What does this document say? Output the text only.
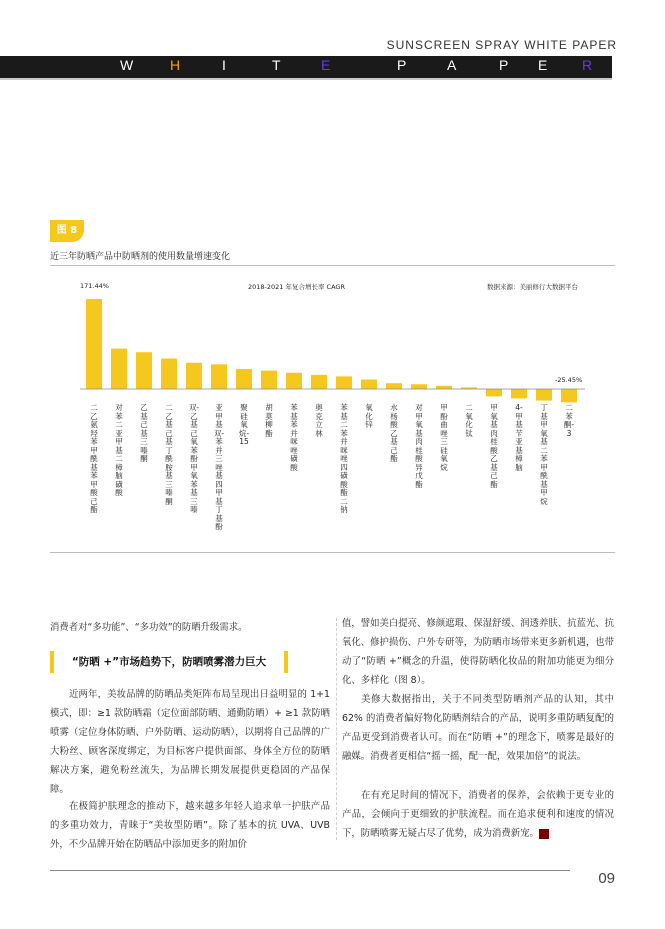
SUNSCREEN SPRAY WHITE PAPER
W	H	I	T	E	P	A	P E R
图 8
近三年防晒产品中防晒剂的使用数量增速变化
171.44%	2018-2021 年复合增长率 CAGR	数据来源：美丽修行大数据平台
-25.45%
二乙氨羟苯甲酰基苯甲酸己酯
对苯二亚甲基二樟脑磺酸
乙基己基三嗪酮
二乙基己基丁酰胺基三嗪酮
双-乙基己氧苯酚甲氧苯基三嗪
亚甲基双-苯并三唑基四甲基丁基酚
聚硅氧烷-15
胡莫柳酯
苯基苯并咪唑磺酸
奥克立林
苯基二苯并咪唑四磺酸酯二钠
氧化锌
水杨酸乙基己酯
对甲氧基肉桂酸异戊酯
甲酚曲唑三硅氧烷
二氧化钛
甲氧基肉桂酸乙基己酯
4-甲基苄亚基樟脑
丁基甲氧基二苯甲酰基甲烷
二苯酮-3
消费者对“多功能”、“多功效”的防晒升级需求。
“防晒 +”市场趋势下，防晒喷雾潜力巨大
近两年，美妆品牌的防晒品类矩阵布局呈现出日益明显的 1+1 模式，即：≥1 款防晒霜（定位面部防晒、通勤防晒）+ ≥1 款防晒喷雾（定位身体防晒、户外防晒、运动防晒），以期将自己品牌的广大粉丝、顾客深度绑定，为目标客户提供面部、身体全方位的防晒解决方案，避免粉丝流失，为品牌长期发展提供更稳固的产品保障。
在极简护肤理念的推动下，越来越多年轻人追求单一护肤产品的多重功效力，青睐于“美妆型防晒”。除了基本的抗 UVA、UVB 外，不少品牌开始在防晒品中添加更多的附加价
值，譬如美白提亮、修颜遮瑕、保湿舒缓、润透养肤、抗蓝光、抗氧化、修护损伤、户外专研等，为防晒市场带来更多新机遇，也带动了“防晒 +”概念的升温，使得防晒化妆品的附加功能更为细分化、多样化（图 8）。
美修大数据指出，关于不同类型防晒剂产品的认知，其中 62% 的消费者偏好物化防晒剂结合的产品，说明多重防晒复配的产品更受到消费者认可。而在“防晒 +”的理念下，喷雾是最好的融媒。消费者更相信“摇一摇，配一配，效果加倍”的说法。
在有充足时间的情况下，消费者的保养，会依赖于更专业的产品，会倾向于更细致的护肤流程。而在追求便利和速度的情况下，防晒喷雾无疑占尽了优势，成为消费新宠。	IF
09
